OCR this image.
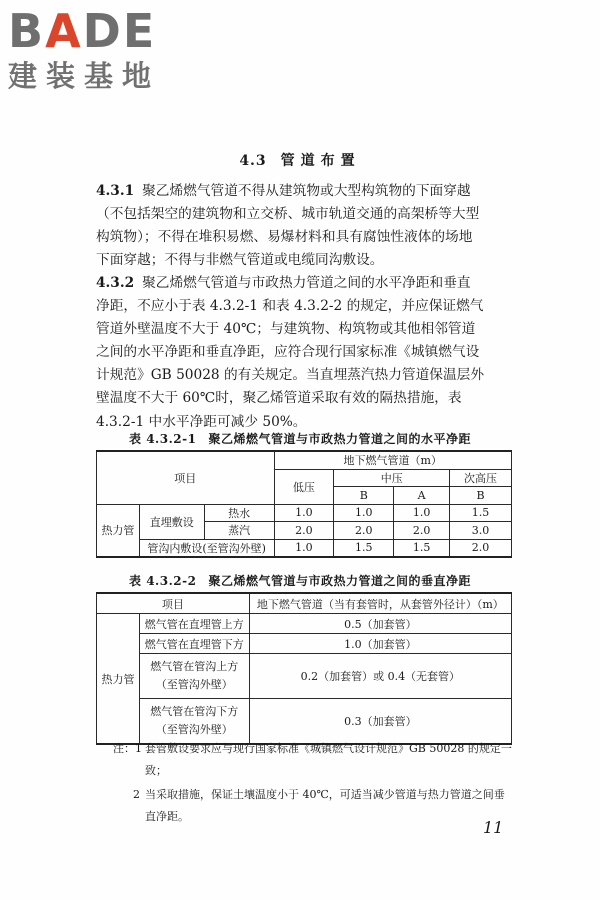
BADE
建装基地
4.3 管道布置
4.3.1 聚乙烯燃气管道不得从建筑物或大型构筑物的下面穿越
（不包括架空的建筑物和立交桥、城市轨道交通的高架桥等大型
构筑物）；不得在堆积易燃、易爆材料和具有腐蚀性液体的场地
下面穿越；不得与非燃气管道或电缆同沟敷设。
4.3.2 聚乙烯燃气管道与市政热力管道之间的水平净距和垂直
净距，不应小于表 4.3.2-1 和表 4.3.2-2 的规定，并应保证燃气
管道外壁温度不大于 40℃；与建筑物、构筑物或其他相邻管道
之间的水平净距和垂直净距，应符合现行国家标准《城镇燃气设
计规范》GB 50028 的有关规定。当直埋蒸汽热力管道保温层外
壁温度不大于 60℃时，聚乙烯管道采取有效的隔热措施，表
4.3.2-1 中水平净距可减少 50%。
表 4.3.2-1 聚乙烯燃气管道与市政热力管道之间的水平净距
项目			地下燃气管道（m）			
			低压	中压		次高压
				B	A	B
热力管	直埋敷设	热水	1.0	1.0	1.0	1.5
		蒸汽	2.0	2.0	2.0	3.0
	管沟内敷设(至管沟外壁)		1.0	1.5	1.5	2.0
表 4.3.2-2 聚乙烯燃气管道与市政热力管道之间的垂直净距
项目		地下燃气管道（当有套管时，从套管外径计）（m）
热力管	燃气管在直埋管上方	0.5（加套管）
	燃气管在直埋管下方	1.0（加套管）

	燃气管在管沟上方
（至管沟外壁）	0.2（加套管）或 0.4（无套管）

	燃气管在管沟下方
（至管沟外壁）	0.3（加套管）
注：1 套管敷设要求应与现行国家标准《城镇燃气设计规范》GB 50028 的规定一致；
2 当采取措施，保证土壤温度小于 40℃，可适当减少管道与热力管道之间垂直净距。
11
